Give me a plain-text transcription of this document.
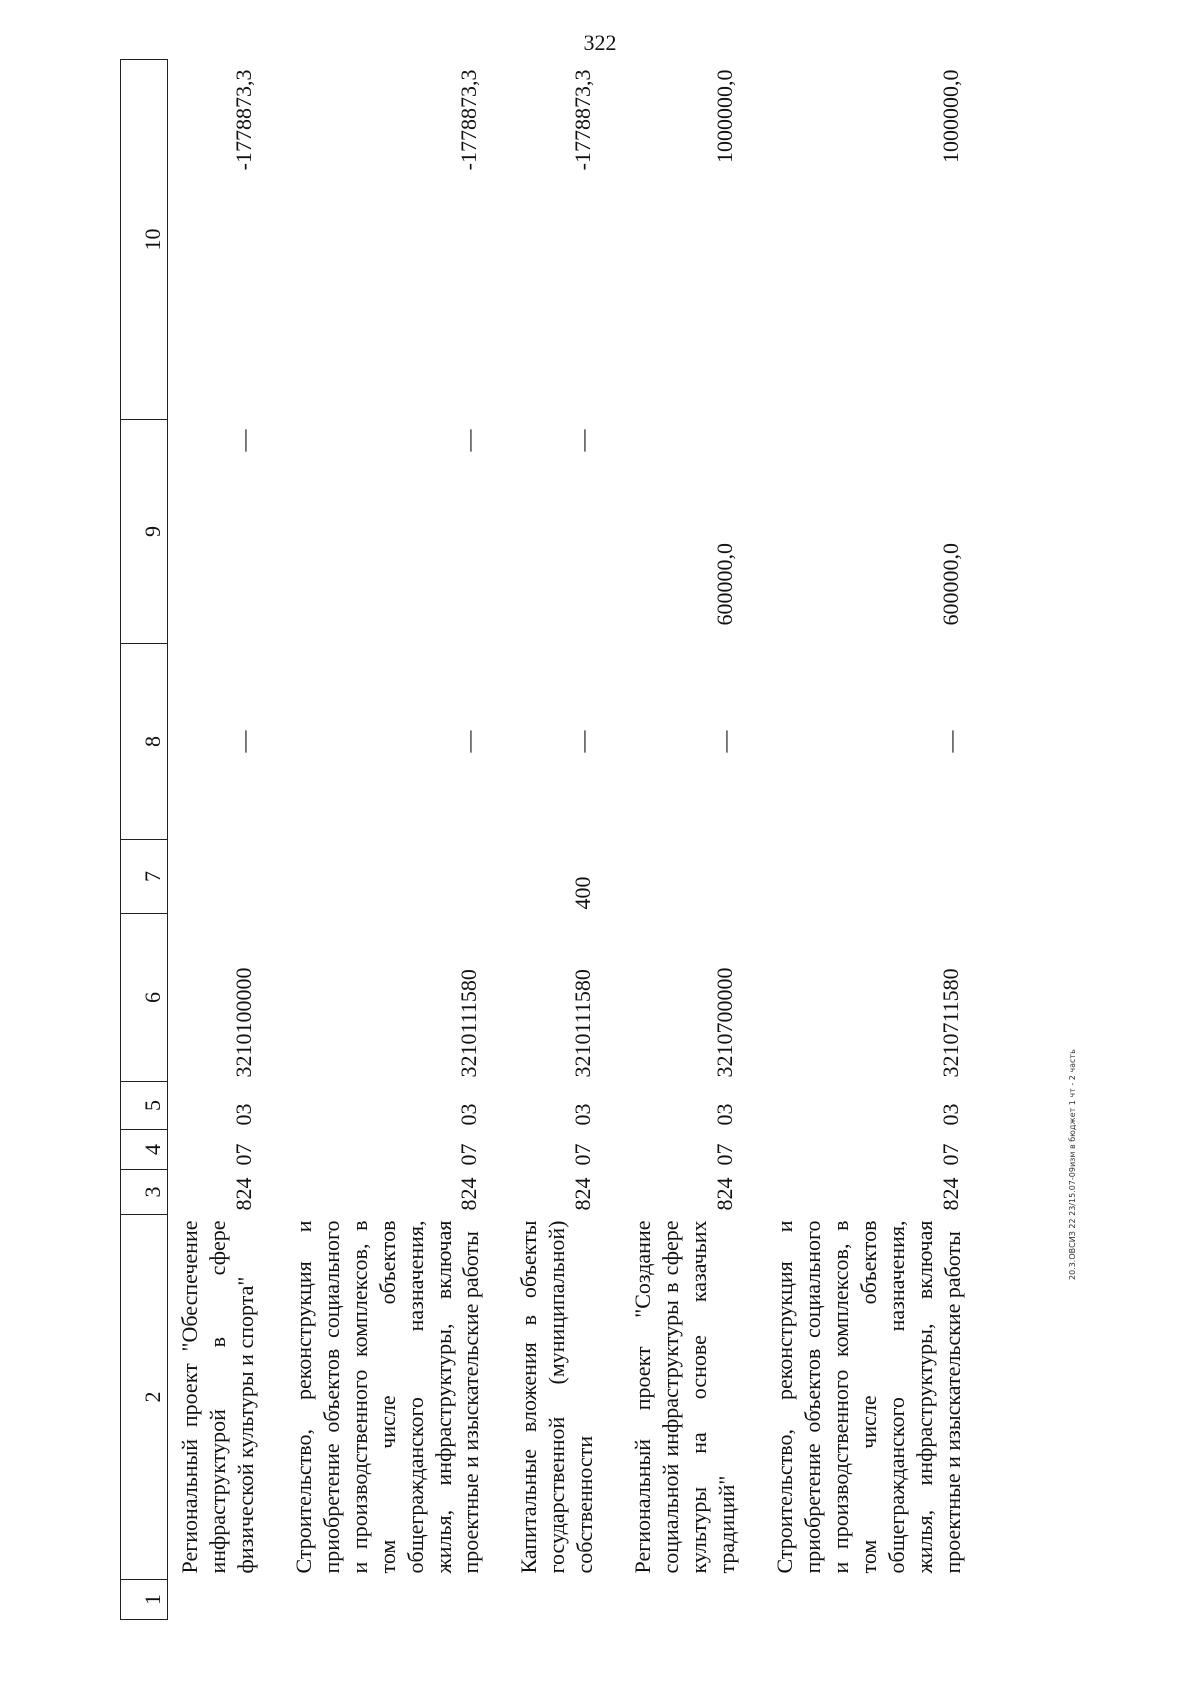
322
1	2	3	4	5	6	7	8	9	10
	Региональный проект "Обеспечение инфраструктурой в сфере физической культуры и спорта"	824	07	03	3210100000		—	—	-1778873,3

	Строительство, реконструкция и приобретение объектов социального и производственного комплексов, в том числе объектов общегражданского назначения, жилья, инфраструктуры, включая проектные и изыскательские работы	824	07	03	3210111580		—	—	-1778873,3

	Капитальные вложения в объекты государственной (муниципальной) собственности	824	07	03	3210111580	400	—	—	-1778873,3

	Региональный проект "Создание социальной инфраструктуры в сфере культуры на основе казачьих традиций"	824	07	03	3210700000		—	600000,0	1000000,0

	Строительство, реконструкция и приобретение объектов социального и производственного комплексов, в том числе объектов общегражданского назначения, жилья, инфраструктуры, включая проектные и изыскательские работы	824	07	03	3210711580		—	600000,0	1000000,0
20.3.ОВСИЗ 22 23/15.07-09изм в бюджет 1 чт - 2 часть
